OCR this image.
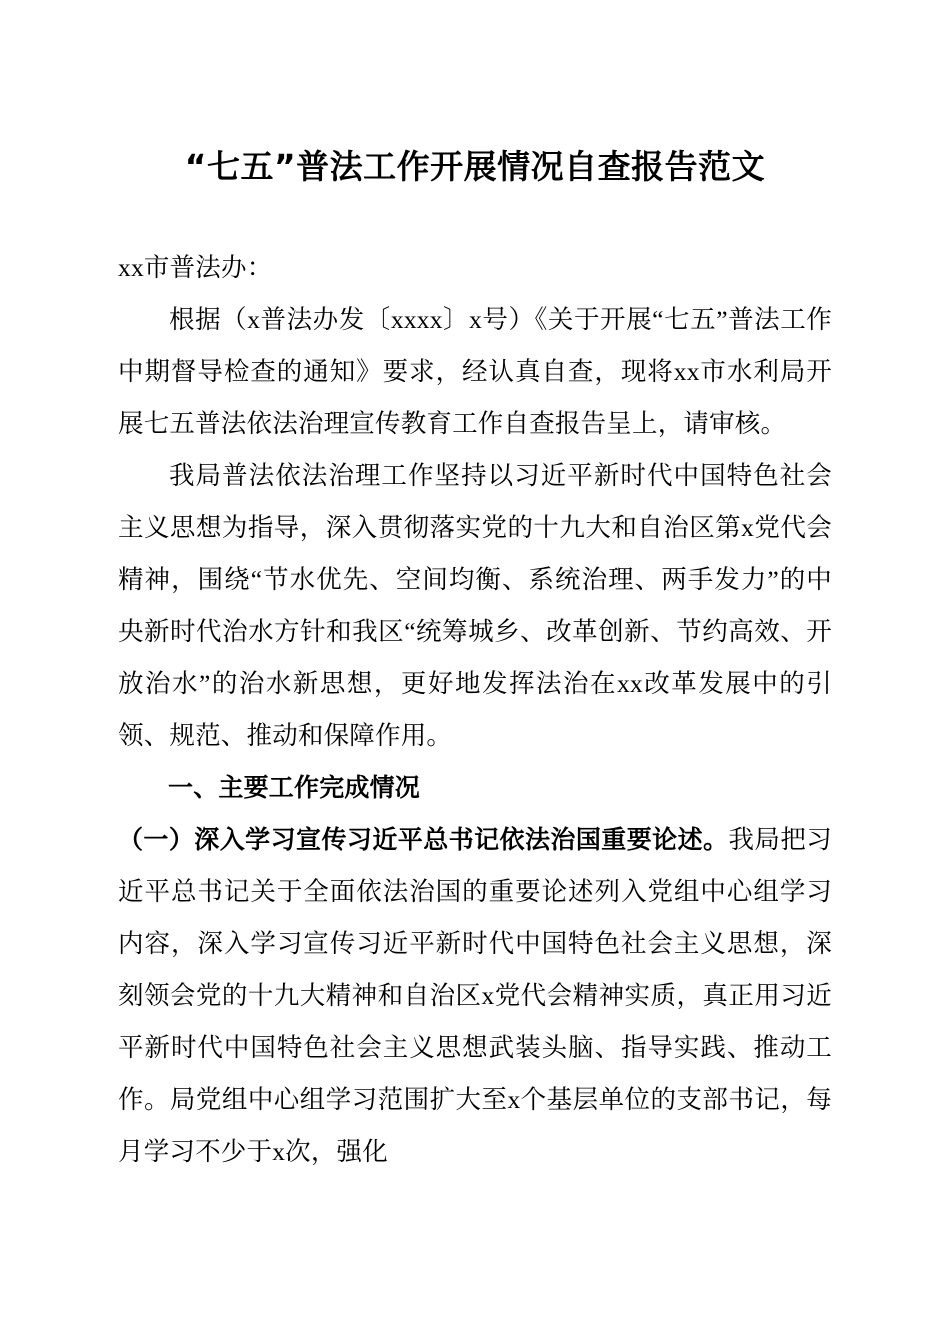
“七五”普法工作开展情况自查报告范文

xx市普法办：

根据（x普法办发〔xxxx〕x号）《关于开展“七五”普法工作中期督导检查的通知》要求，经认真自查，现将xx市水利局开展七五普法依法治理宣传教育工作自查报告呈上，请审核。

我局普法依法治理工作坚持以习近平新时代中国特色社会主义思想为指导，深入贯彻落实党的十九大和自治区第x党代会精神，围绕“节水优先、空间均衡、系统治理、两手发力”的中央新时代治水方针和我区“统筹城乡、改革创新、节约高效、开放治水”的治水新思想，更好地发挥法治在xx改革发展中的引领、规范、推动和保障作用。

一、主要工作完成情况

（一）深入学习宣传习近平总书记依法治国重要论述。我局把习近平总书记关于全面依法治国的重要论述列入党组中心组学习内容，深入学习宣传习近平新时代中国特色社会主义思想，深刻领会党的十九大精神和自治区x党代会精神实质，真正用习近平新时代中国特色社会主义思想武装头脑、指导实践、推动工作。局党组中心组学习范围扩大至x个基层单位的支部书记，每月学习不少于x次，强化
